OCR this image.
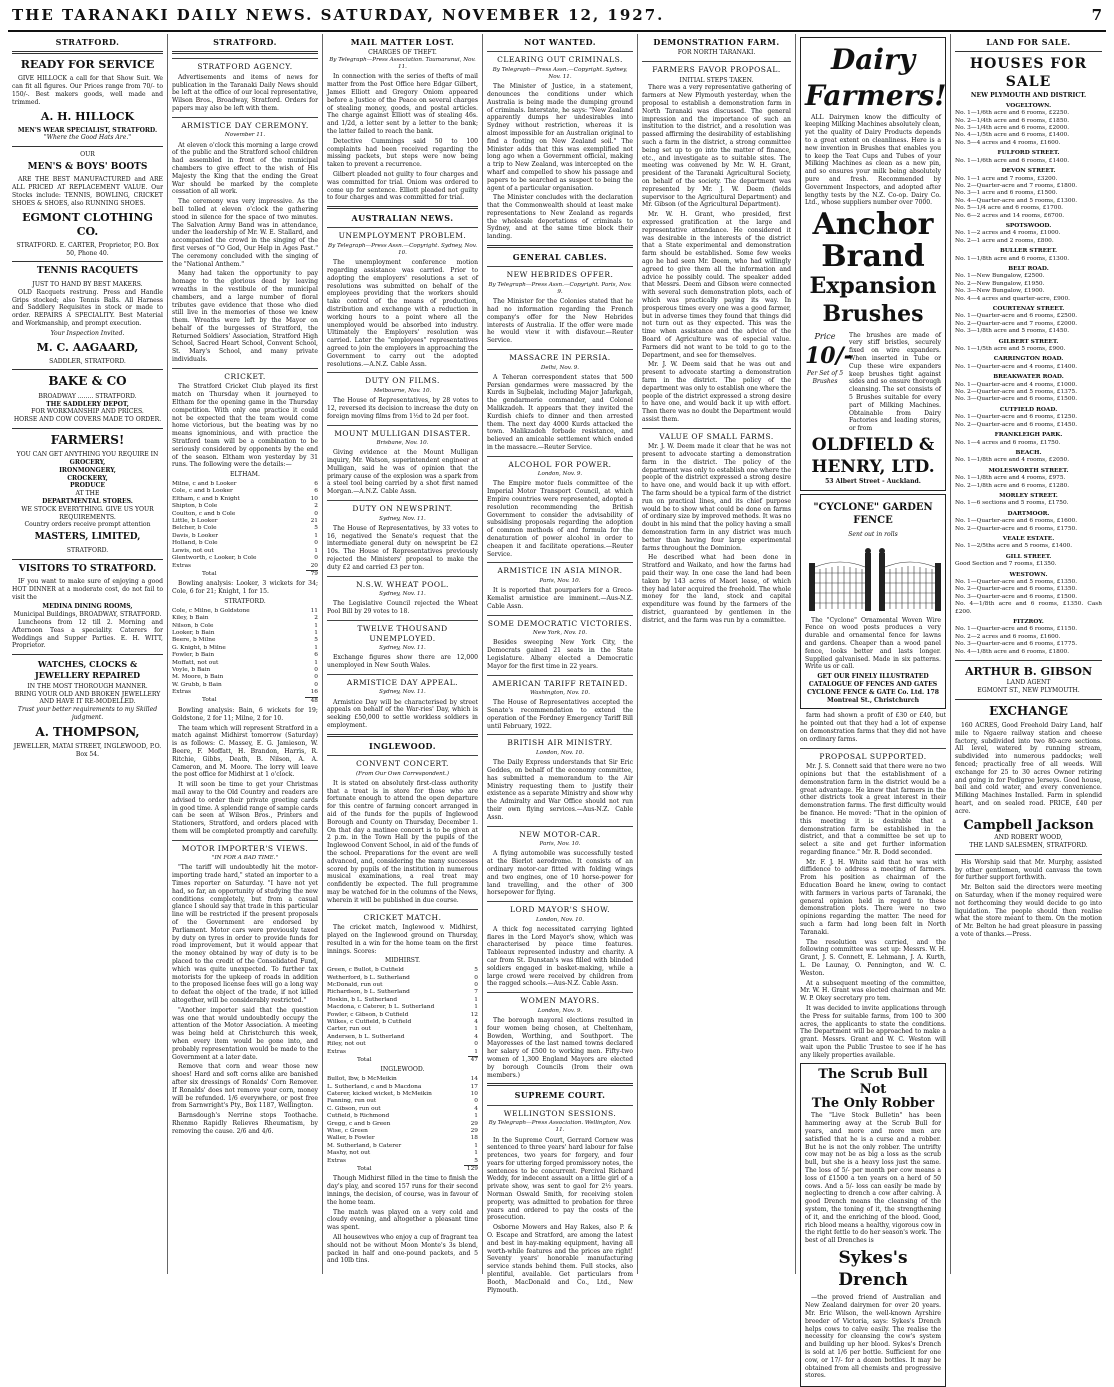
THE TARANAKI DAILY NEWS. SATURDAY, NOVEMBER 12, 1927.	7
STRATFORD.
READY FOR SERVICE

GIVE HILLOCK a call for that Show Suit. We can fit all figures. Our Prices range from 70/- to 150/-. Best makers goods, well made and trimmed.

A. H. HILLOCK
MEN'S WEAR SPECIALIST, STRATFORD.
"Where the Good Hats Are."
OUR
MEN'S & BOYS' BOOTS

ARE THE BEST MANUFACTURED and ARE ALL PRICED AT REPLACEMENT VALUE. Our Stocks include: TENNIS, BOWLING, CRICKET SHOES & SHOES, also RUNNING SHOES.

EGMONT CLOTHING CO.
STRATFORD. E. CARTER, Proprietor, P.O. Box 50, Phone 40.
TENNIS RACQUETS
JUST TO HAND BY BEST MAKERS.

OLD Racquets restrung. Press and Handle Grips stocked; also Tennis Balls. All Harness and Saddlery Requisites in stock or made to order. REPAIRS A SPECIALITY. Best Material and Workmanship, and prompt execution.

Your Inspection Invited.
M. C. AAGAARD,
SADDLER, STRATFORD.
BAKE & CO
BROADWAY ........ STRATFORD.
THE SADDLERY DEPOT,
FOR WORKMANSHIP AND PRICES.
HORSE AND COW COVERS MADE TO ORDER.
FARMERS!
YOU CAN GET ANYTHING YOU REQUIRE IN
GROCERY,
IRONMONGERY,
CROCKERY,
PRODUCE
AT THE
DEPARTMENTAL STORES.
WE STOCK EVERYTHING. GIVE US YOUR REQUIREMENTS.
Country orders receive prompt attention
MASTERS, LIMITED,
STRATFORD.
VISITORS TO STRATFORD.

IF you want to make sure of enjoying a good HOT DINNER at a moderate cost, do not fail to visit the

MEDINA DINING ROOMS,
Municipal Buildings, BROADWAY, STRATFORD.

Luncheons from 12 till 2. Morning and Afternoon Teas a speciality. Caterers for Weddings and Supper Parties. E. H. WITT, Proprietor.

WATCHES, CLOCKS & JEWELLERY REPAIRED
IN THE MOST THOROUGH MANNER.
BRING YOUR OLD AND BROKEN JEWELLERY AND HAVE IT RE-MODELLED.
Trust your better requirements to my Skilled judgment.
A. THOMPSON,
JEWELLER, MATAI STREET, INGLEWOOD, P.O. Box 54.
STRATFORD.
STRATFORD AGENCY.

Advertisements and items of news for publication in the Taranaki Daily News should be left at the office of our local representative, Wilson Bros., Broadway, Stratford. Orders for papers may also be left with them.

ARMISTICE DAY CEREMONY.
November 11.

At eleven o'clock this morning a large crowd of the public and the Stratford school children had assembled in front of the municipal chambers to give effect to the wish of His Majesty the King that the ending the Great War should be marked by the complete cessation of all work.

The ceremony was very impressive. As the bell tolled at eleven o'clock the gathering stood in silence for the space of two minutes. The Salvation Army Band was in attendance, under the leadership of Mr. W. E. Stallard, and accompanied the crowd in the singing of the first verses of "O God, Our Help in Ages Past." The ceremony concluded with the singing of the "National Anthem."

Many had taken the opportunity to pay homage to the glorious dead by leaving wreaths in the vestibule of the municipal chambers, and a large number of floral tributes gave evidence that those who died still live in the memories of those we knew them. Wreaths were left by the Mayor on behalf of the burgesses of Stratford, the Returned Soldiers' Association, Stratford High School, Sacred Heart School, Convent School, St. Mary's School, and many private individuals.

CRICKET.

The Stratford Cricket Club played its first match on Thursday when it journeyed to Eltham for the opening game in the Thursday competition. With only one practice it could not be expected that the team would come home victorious, but the beating was by no means ignominious, and with practice the Stratford team will be a combination to be seriously considered by opponents by the end of the season. Eltham won yesterday by 31 runs. The following were the details:—

ELTHAM.
Milne, c and b Looker	6
Cole, c and b Looker	6
Eltham, c and b Knight	10
Shipton, b Cole	2
Coulton, c and b Cole	0
Little, b Looker	21
Belcher, b Cole	5
Davis, b Looker	1
Holland, b Cole	0
Lewis, not out	1
Glentworth, c Looker, b Cole	0
Extras	20
Total	79

Bowling analysis: Looker, 3 wickets for 34; Cole, 6 for 21; Knight, 1 for 15.

STRATFORD.
Cole, c Milne, b Goldstone	11
Kiley, b Bain	2
Nilson, b Cole	1
Looker, b Bain	1
Beere, b Milne	5
G. Knight, b Milne	1
Fowler, b Bain	6
Moffatt, not out	1
Voyle, b Bain	0
M. Moore, b Bain	0
W. Grubb, b Bain	0
Extras	16
Total	48

Bowling analysis: Bain, 6 wickets for 19; Goldstone, 2 for 11; Milne, 2 for 10.

The team which will represent Stratford in a match against Midhirst tomorrow (Saturday) is as follows: C. Massey, E. G. Jamieson, W. Beere, F. Moffatt, H. Brandon, Harris, R. Ritchie, Gibbs, Death, B. Nilson, A. A. Cameron, and M. Moore. The lorry will leave the post office for Midhirst at 1 o'clock.

It will soon be time to get your Christmas mail away to the Old Country and readers are advised to order their private greeting cards in good time. A splendid range of sample cards can be seen at Wilson Bros., Printers and Stationers, Stratford, and orders placed with them will be completed promptly and carefully.

MOTOR IMPORTER'S VIEWS.
"IN FOR A BAD TIME."

"The tariff will undoubtedly hit the motor-importing trade hard," stated an importer to a Times reporter on Saturday. "I have not yet had, so far, an opportunity of studying the new conditions completely, but from a casual glance I should say that trade in this particular line will be restricted if the present proposals of the Government are endorsed by Parliament. Motor cars were previously taxed by duty on tyres in order to provide funds for road improvement, but it would appear that the money obtained by way of duty is to be placed to the credit of the Consolidated Fund, which was quite unexpected. To further tax motorists for the upkeep of roads in addition to the proposed license fees will go a long way to defeat the object of the trade, if not killed altogether, will be considerably restricted."

"Another importer said that the question was one that would undoubtedly occupy the attention of the Motor Association. A meeting was being held at Christchurch this week, when every item would be gone into, and probably representation would be made to the Government at a later date.

Remove that corn and wear those new shoes! Hard and soft corns alike are banished after six dressings of Ronalds' Corn Remover. If Ronalds' does not remove your corn, money will be refunded. 1/6 everywhere, or post free from Sarnwright's Pty., Box 1187, Wellington.

Barnsdough's Nerrine stops Toothache. Rhenmo Rapidly Relieves Rheumatism, by removing the cause. 2/6 and 4/6.

MAIL MATTER LOST.
CHARGES OF THEFT.
By Telegraph—Press Association. Taumarunui, Nov. 11.

In connection with the series of thefts of mail matter from the Post Office here Edgar Gilbert, James Elliott and Gregory Oniom appeared before a Justice of the Peace on several charges of stealing money, goods, and postal articles. The charge against Elliott was of stealing 46s. and 1/2d, a letter sent by a letter to the bank; the latter failed to reach the bank.

Detective Cummings said 50 to 100 complaints had been received regarding the missing packets, but steps were now being taken to prevent a recurrence.

Gilbert pleaded not guilty to four charges and was committed for trial. Oniom was ordered to come up for sentence. Elliott pleaded not guilty to four charges and was committed for trial.

AUSTRALIAN NEWS.
UNEMPLOYMENT PROBLEM.
By Telegraph—Press Assn.—Copyright. Sydney, Nov. 10.

The unemployment conference motion regarding assistance was carried. Prior to adopting the employers' resolutions a set of resolutions was submitted on behalf of the employees providing that the workers should take control of the means of production, distribution and exchange with a reduction in working hours to a point where all the unemployed would be absorbed into industry. Ultimately the Employers' resolution was carried. Later the "employees" representatives agreed to join the employers in approaching the Government to carry out the adopted resolutions.—A.N.Z. Cable Assn.

DUTY ON FILMS.
Melbourne, Nov. 10.

The House of Representatives, by 28 votes to 12, reversed its decision to increase the duty on foreign moving films from 1½d to 2d per foot.

MOUNT MULLIGAN DISASTER.
Brisbane, Nov. 10.

Giving evidence at the Mount Mulligan inquiry, Mr. Watson, superintendent engineer at Mulligan, said he was of opinion that the primary cause of the explosion was a spark from a steel tool being carried by a shot first named Morgan.—A.N.Z. Cable Assn.

DUTY ON NEWSPRINT.
Sydney, Nov. 11.

The House of Representatives, by 33 votes to 16, negatived the Senate's request that the intermediate general duty on newsprint be £2 10s. The House of Representatives previously rejected the Ministers' proposal to make the duty £2 and carried £3 per ton.

N.S.W. WHEAT POOL.
Sydney, Nov. 11.

The Legislative Council rejected the Wheat Pool Bill by 29 votes to 18.

TWELVE THOUSAND UNEMPLOYED.
Sydney, Nov. 11.

Exchange figures show there are 12,000 unemployed in New South Wales.

ARMISTICE DAY APPEAL.
Sydney, Nov. 11.

Armistice Day will be characterised by street appeals on behalf of the War-ries' Day, which is seeking £50,000 to settle workless soldiers in employment.

INGLEWOOD.
CONVENT CONCERT.
(From Our Own Correspondent.)

It is stated on absolutely first-class authority that a treat is in store for those who are fortunate enough to attend the open departure for this centre of farming concert arranged in aid of the funds for the pupils of Inglewood Borough and County on Thursday, December 1. On that day a matinee concert is to be given at 2 p.m. in the Town Hall by the pupils of the Inglewood Convent School, in aid of the funds of the school. Preparations for the event are well advanced, and, considering the many successes scored by pupils of the institution in numerous musical examinations, a real treat may confidently be expected. The full programme may be watched for in the columns of the News, wherein it will be published in due course.

CRICKET MATCH.

The cricket match, Inglewood v. Midhirst, played on the Inglewood ground on Thursday, resulted in a win for the home team on the first innings. Scores:

MIDHIRST.
Green, c Bullot, b Cutfield	5
Wetherford, b L. Sutherland	0
McDonald, run out	0
Richardson, b L. Sutherland	7
Hoskin, b L. Sutherland	1
Macdona, c Caterer, b L. Sutherland	1
Fowler, c Gibson, b Cutfield	12
Wilkes, c Cutfield, b Cutfield	4
Carter, run out	1
Andersen, b L. Sutherland	4
Riley, not out	0
Extras	1
Total	47
INGLEWOOD.
Bullot, lbw, b McMeikin	14
L. Sutherland, c and b Macdona	17
Caterer, kicked wicket, b McMeikin	10
Fanning, run out	0
C. Gibson, run out	4
Cutfield, b Richmond	1
Gregg, c and b Green	29
Wise, c Green	29
Waller, b Fowler	18
M. Sutherland, b Caterer	1
Mashy, not out	1
Extras	5
Total	129

Though Midhirst filled in the time to finish the day's play, and scored 157 runs for their second innings, the decision, of course, was in favour of the home team.

The match was played on a very cold and cloudy evening, and altogether a pleasant time was spent.

All housewives who enjoy a cup of fragrant tea should not be without Moon Monte's 3s blend, packed in half and one-pound packets, and 5 and 10lb tins.

NOT WANTED.
CLEARING OUT CRIMINALS.
By Telegraph—Press Assn.—Copyright. Sydney, Nov. 11.

The Minister of Justice, in a statement, denounces the conditions under which Australia is being made the dumping ground of criminals. Interstate, he says: "New Zealand apparently dumps her undesirables into Sydney without restriction, whereas it is almost impossible for an Australian original to find a footing on New Zealand soil." The Minister adds that this was exemplified not long ago when a Government official, making a trip to New Zealand, was intercepted on the wharf and compelled to show his passage and papers to be searched as suspect to being the agent of a particular organisation.

The Minister concludes with the declaration that the Commonwealth should at least make representations to New Zealand as regards the wholesale deportations of criminals to Sydney, and at the same time block their landing.

GENERAL CABLES.
NEW HEBRIDES OFFER.
By Telegraph—Press Assn.—Copyright. Paris, Nov. 9.

The Minister for the Colonies stated that he had no information regarding the French company's offer for the New Hebrides interests of Australia. If the offer were made he would view it with disfavour.—Reuter Service.

MASSACRE IN PERSIA.
Delhi, Nov. 9.

A Teheran correspondent states that 500 Persian gendarmes were massacred by the Kurds in Sujbelak, including Major Jafarkgah, the gendarmerie commander, and Colonel Malikzadeh. It appears that they invited the Kurdish chiefs to dinner and then arrested them. The next day 4000 Kurds attacked the town. Malikzadeh forbade resistance, and believed an amicable settlement which ended in the massacre.—Reuter Service.

ALCOHOL FOR POWER.
London, Nov. 9.

The Empire motor fuels committee of the Imperial Motor Transport Council, at which Empire countries were represented, adopted a resolution recommending the British Government to consider the advisability of subsidising proposals regarding the adoption of common methods of and formula for the denaturation of power alcohol in order to cheapen it and facilitate operations.—Reuter Service.

ARMISTICE IN ASIA MINOR.
Paris, Nov. 10.

It is reported that pourparlers for a Greco-Kemalist armistice are imminent.—Aus-N.Z. Cable Assn.

SOME DEMOCRATIC VICTORIES.
New York, Nov. 10.

Besides sweeping New York City, the Democrats gained 21 seats in the State Legislature. Albany elected a Democratic Mayor for the first time in 22 years.

AMERICAN TARIFF RETAINED.
Washington, Nov. 10.

The House of Representatives accepted the Senate's recommendation to extend the operation of the Fordney Emergency Tariff Bill until February, 1922.

BRITISH AIR MINISTRY.
London, Nov. 10.

The Daily Express understands that Sir Eric Geddes, on behalf of the economy committee, has submitted a memorandum to the Air Ministry requesting them to justify their existence as a separate Ministry and show why the Admiralty and War Office should not run their own flying services.—Aus-N.Z. Cable Assn.

NEW MOTOR-CAR.
Paris, Nov. 10.

A flying automobile was successfully tested at the Bierlot aerodrome. It consists of an ordinary motor-car fitted with folding wings and two engines, one of 10 horse-power for land travelling, and the other of 300 horsepower for flying.

LORD MAYOR'S SHOW.
London, Nov. 10.

A thick fog necessitated carrying lighted flares in the Lord Mayor's show, which was characterised by peace time features. Tableaux represented industry and charity. A car from St. Dunstan's was filled with blinded soldiers engaged in basket-making, while a large crowd were received by children from the ragged schools.—Aus-N.Z. Cable Assn.

WOMEN MAYORS.
London, Nov. 9.

The borough mayoral elections resulted in four women being chosen, at Cheltenham, Bowden, Worthing, and Southport. The Mayoresses of the last named towns declared her salary of £500 to working men. Fifty-two women of 1,300 England Mayors are elected by borough Councils (Irom their own members.)

SUPREME COURT.
WELLINGTON SESSIONS.
By Telegraph—Press Association. Wellington, Nov. 11.

In the Supreme Court, Gerrard Cornew was sentenced to three years' hard labour for false pretences, two years for forgery, and four years for uttering forged promissory notes, the sentences to be concurrent. Percival Richard Weddy, for indecent assault on a little girl of a private show, was sent to gaol for 2½ years. Norman Oswald Smith, for receiving stolen property, was admitted to probation for three years and ordered to pay the costs of the prosecution.

Osborne Mowers and Hay Rakes, also P. & O. Escape and Stratford, are among the latest and best in hay-making equipment, having all worth-while features and the prices are right! Seventy years' honorable manufacturing service stands behind them. Full stocks, also plentiful, available. Get particulars from Booth, MacDonald and Co., Ltd., New Plymouth.

DEMONSTRATION FARM.
FOR NORTH TARANAKI.
FARMERS FAVOR PROPOSAL.
INITIAL STEPS TAKEN.

There was a very representative gathering of farmers at New Plymouth yesterday, when the proposal to establish a demonstration farm in North Taranaki was discussed. The general impression and the importance of such an institution to the district, and a resolution was passed affirming the desirability of establishing such a farm in the district, a strong committee being set up to go into the matter of finance, etc., and investigate as to suitable sites. The meeting was convened by Mr. W. H. Grant, president of the Taranaki Agricultural Society, on behalf of the society. The department was represented by Mr. J. W. Deem (fields supervisor to the Agricultural Department) and Mr. Gibson (of the Agricultural Department).

Mr. W. H. Grant, who presided, first expressed gratification at the large and representative attendance. He considered it was desirable in the interests of the district that a State experimental and demonstration farm should be established. Some few weeks ago he had seen Mr. Deem, who had willingly agreed to give them all the information and advice he possibly could. The speaker added that Messrs. Deem and Gibson were connected with several such demonstration plots, each of which was practically paying its way. In prosperous times every one was a good farmer, but in adverse times they found that things did not turn out as they expected. This was the time when assistance and the advice of the Board of Agriculture was of especial value. Farmers did not want to be told to go to the Department, and see for themselves.

Mr. J. W. Deem said that he was out and present to advocate starting a demonstration farm in the district. The policy of the department was only to establish one where the people of the district expressed a strong desire to have one, and would back it up with effort. Then there was no doubt the Department would assist them.

VALUE OF SMALL FARMS.

Mr. J. W. Deem made it clear that he was not present to advocate starting a demonstration farm in the district. The policy of the department was only to establish one where the people of the district expressed a strong desire to have one, and would back it up with effort. The farm should be a typical farm of the district run on practical lines, and its chief purpose would be to show what could be done on farms of ordinary size by improved methods. It was no doubt in his mind that the policy having a small demonstration farm in any district was much better than having four large experimental farms throughout the Dominion.

He described what had been done in Stratford and Waikato, and how the farms had paid their way. In one case the land had been taken by 143 acres of Maori lease, of which they had later acquired the freehold. The whole money for the land, stock and capital expenditure was found by the farmers of the district, guaranteed by gentlemen in the district, and the farm was run by a committee.

Dairy Farmers!

ALL Dairymen know the difficulty of keeping Milking Machines absolutely clean, yet the quality of Dairy Products depends to a great extent on cleanliness. Here is a new invention in Brushes that enables you to keep the Teat Cups and Tubes of your Milking Machines as clean as a new pin, and so ensures your milk being absolutely pure and fresh. Recommended by Government Inspectors, and adopted after lengthy tests by the N.Z. Co-op. Dairy Co. Ltd., whose suppliers number over 7000.

Anchor Brand
Expansion Brushes
Price
10/-
Per Set of 5 Brushes

The brushes are made of very stiff bristles, securely fixed on wire expanders. When inserted in Tube or Cup these wire expanders keep brushes tight against sides and so ensure thorough cleansing. The set consists of 5 Brushes suitable for every part of Milking Machines. Obtainable from Dairy Factories and leading stores, or from

OLDFIELD & HENRY, LTD.
53 Albert Street - Auckland.
"CYCLONE" GARDEN FENCE
Sent out in rolls

The "Cyclone" Ornamental Woven Wire Fence on wood posts produces a very durable and ornamental fence for lawns and gardens. Cheaper than a wood panel fence, looks better and lasts longer. Supplied galvanised. Made in six patterns. Write us or call.

GET OUR FINELY ILLUSTRATED CATALOGUE OF FENCES AND GATES
CYCLONE FENCE & GATE Co. Ltd. 178 Montreal St., Christchurch

farm had shown a profit of £30 or £40, but he pointed out that they had a lot of expense on demonstration farms that they did not have on ordinary farms.

PROPOSAL SUPPORTED.

Mr. J. S. Connett said that there were no two opinions but that the establishment of a demonstration farm in the district would be a great advantage. He knew that farmers in the other districts took a great interest in their demonstration farms. The first difficulty would be finance. He moved: "That in the opinion of this meeting it is desirable that a demonstration farm be established in the district, and that a committee be set up to select a site and get further information regarding finance." Mr. R. Dodd seconded.

Mr. F. J. H. White said that he was with diffidence to address a meeting of farmers. From his position as chairman of the Education Board he knew, owing to contact with farmers in various parts of Taranaki, the general opinion held in regard to these demonstration plots. There were no two opinions regarding the matter. The need for such a farm had long been felt in North Taranaki.

The resolution was carried, and the following committee was set up: Messrs. W. H. Grant, J. S. Connett, E. Lehmann, J. A. Kurth, L. De Launay, O. Pennington, and W. C. Weston.

At a subsequent meeting of the committee, Mr. W. H. Grant was elected chairman and Mr. W. P. Okey secretary pro tem.

It was decided to invite applications through the Press for suitable farms, from 100 to 300 acres, the applicants to state the conditions. The Department will be approached to make a grant. Messrs. Grant and W. C. Weston will wait upon the Public Trustee to see if he has any likely properties available.

The Scrub Bull Not
The Only Robber

The "Live Stock Bulletin" has been hammering away at the Scrub Bull for years, and more and more men are satisfied that he is a curse and a robber. But he is not the only robber. The untrifty cow may not be as big a loss as the scrub bull, but she is a heavy loss just the same. The loss of 5/- per month per cow means a loss of £1500 a ten years on a herd of 50 cows. And a 5/- loss can easily be made by neglecting to drench a cow after calving. A good Drench means the cleansing of the system, the toning of it, the strengthening of it, and the enriching of the blood. Good, rich blood means a healthy, vigorous cow in the right fettle to do her season's work. The best of all Drenches is

Sykes's Drench

—the proved friend of Australian and New Zealand dairymen for over 20 years. Mr. Eric Wilson, the well-known Ayrshire breeder of Victoria, says: Sykes's Drench helps cows to calve easily. The realise the necessity for cleansing the cow's system and building up her blood. Sykes's Drench is sold at 1/6 per bottle. Sufficient for one cow, or 17/- for a dozen bottles. It may be obtained from all chemists and progressive stores.

LAND FOR SALE.
HOUSES FOR SALE
NEW PLYMOUTH AND DISTRICT.
VOGELTOWN.
No. 1—1/6th acre and 6 rooms, £2250.
No. 2—1/4th acre and 6 rooms, £1850.
No. 3—1/4th acre and 6 rooms, £2000.
No. 4—1/5th acre and 6 rooms, £1400.
No. 5—4 acres and 4 rooms, £1600.
FULFORD STREET.
No. 1—1/6th acre and 6 rooms, £1400.
DEVON STREET.
No. 1—1 acre and 7 rooms, £3200.
No. 2—Quarter-acre and 7 rooms, £1800.
No. 3—1 acre and 6 rooms, £1500.
No. 4—Quarter-acre and 5 rooms, £1300.
No. 5—1/4 acre and 6 rooms, £1700.
No. 6—2 acres and 14 rooms, £6700.
SPOTSWOOD.
No. 1—2 acres and 4 rooms, £1000.
No. 2—1 acre and 2 rooms, £800.
BULLER STREET.
No. 1—1/8th acre and 6 rooms, £1300.
BELT ROAD.
No. 1—New Bungalow, £2500.
No. 2—New Bungalow, £1950.
No. 3—New Bungalow, £1900.
No. 4—4 acres and quarter-acre, £900.
COURTENAY STREET.
No. 1—Quarter-acre and 6 rooms, £2500.
No. 2—Quarter-acre and 7 rooms, £2000.
No. 3—1/8th acre and 5 rooms, £1450.
GILBERT STREET.
No. 1—1/5th acre and 5 rooms, £900.
CARRINGTON ROAD.
No. 1—Quarter-acre and 4 rooms, £1400.
BREAKWATER ROAD.
No. 1—Quarter-acre and 4 rooms, £1000.
No. 2—Quarter-acre and 5 rooms, £1375.
No. 3—Quarter-acre and 6 rooms, £1500.
CUTFIELD ROAD.
No. 1—Quarter-acre and 6 rooms, £1250.
No. 2—Quarter-acre and 6 rooms, £1450.
FRANKLEIGH PARK.
No. 1—4 acres and 6 rooms, £1750.
BEACH.
No. 1—1/8th acre and 4 rooms, £2050.
MOLESWORTH STREET.
No. 1—1/8th acre and 4 rooms, £975.
No. 2—1/8th acre and 6 rooms, £1280.
MORLEY STREET.
No. 1—6 sections and 5 rooms, £1750.
DARTMOOR.
No. 1—Quarter-acre and 6 rooms, £1600.
No. 2—Quarter-acre and 6 rooms, £1750.
VEALE ESTATE.
No. 1—2/5ths acre and 5 rooms, £1400.
GILL STREET.
Good Section and 7 rooms, £1350.
WESTOWN.
No. 1—Quarter-acre and 5 rooms, £1350.
No. 2—Quarter-acre and 6 rooms, £1350.
No. 3—Quarter-acre and 6 rooms, £1500.
No. 4—1/8th acre and 6 rooms, £1350. Cash £200.
FITZROY.
No. 1—Quarter-acre and 6 rooms, £1150.
No. 2—2 acres and 6 rooms, £1600.
No. 3—Quarter-acre and 6 rooms, £1775.
No. 4—1/8th acre and 6 rooms, £1800.
ARTHUR B. GIBSON
LAND AGENT
EGMONT ST., NEW PLYMOUTH.
EXCHANGE

160 ACRES, Good Freehold Dairy Land, half mile to Ngaere railway station and cheese factory, subdivided into two 80-acre sections. All level, watered by running stream, subdivided into numerous paddocks; well fenced; practically free of all weeds. Will exchange for 25 to 30 acres Owner retiring and going in for Pedigree Jerseys. Good house, bail and cold water, and every convenience. Milking Machines Installed. Farm in splendid heart, and on sealed road. PRICE, £40 per acre.

Campbell Jackson
AND ROBERT WOOD,
THE LAND SALESMEN, STRATFORD.

His Worship said that Mr. Murphy, assisted by other gentlemen, would canvass the town for further support forthwith.

Mr. Belton said the directors were meeting on Saturday, when if the money required were not forthcoming they would decide to go into liquidation. The people should then realise what the store meant to them. On the motion of Mr. Belton he had great pleasure in passing a vote of thanks.—Press.
